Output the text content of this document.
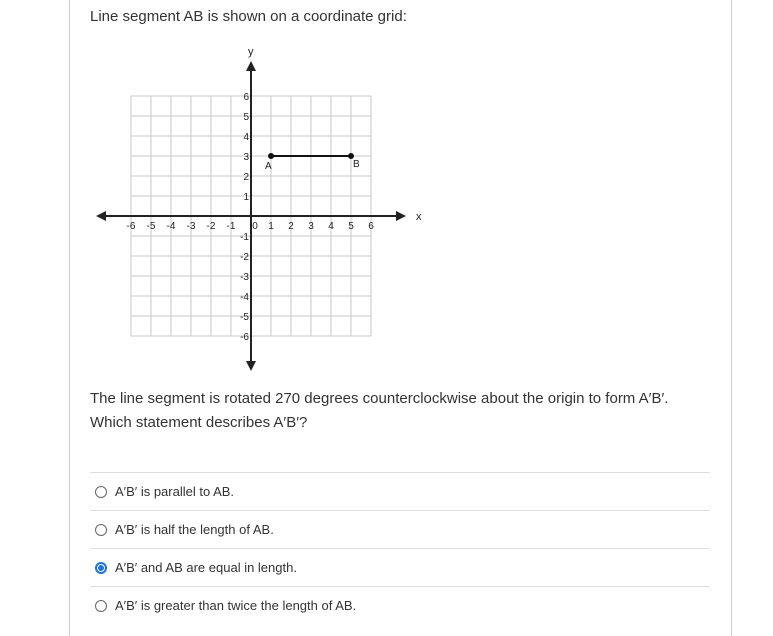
Line segment AB is shown on a coordinate grid:
x
y
-6 -5 -4 -3 -2 -1	1 2 3 4 5 6
0
1
2
3
4
5
6
-1
-2
-3
-4
-5
-6
A	B
The line segment is rotated 270 degrees counterclockwise about the origin to form A′B′.
Which statement describes A′B′?
A′B′ is parallel to AB.
A′B′ is half the length of AB.
A′B′ and AB are equal in length.
A′B′ is greater than twice the length of AB.
